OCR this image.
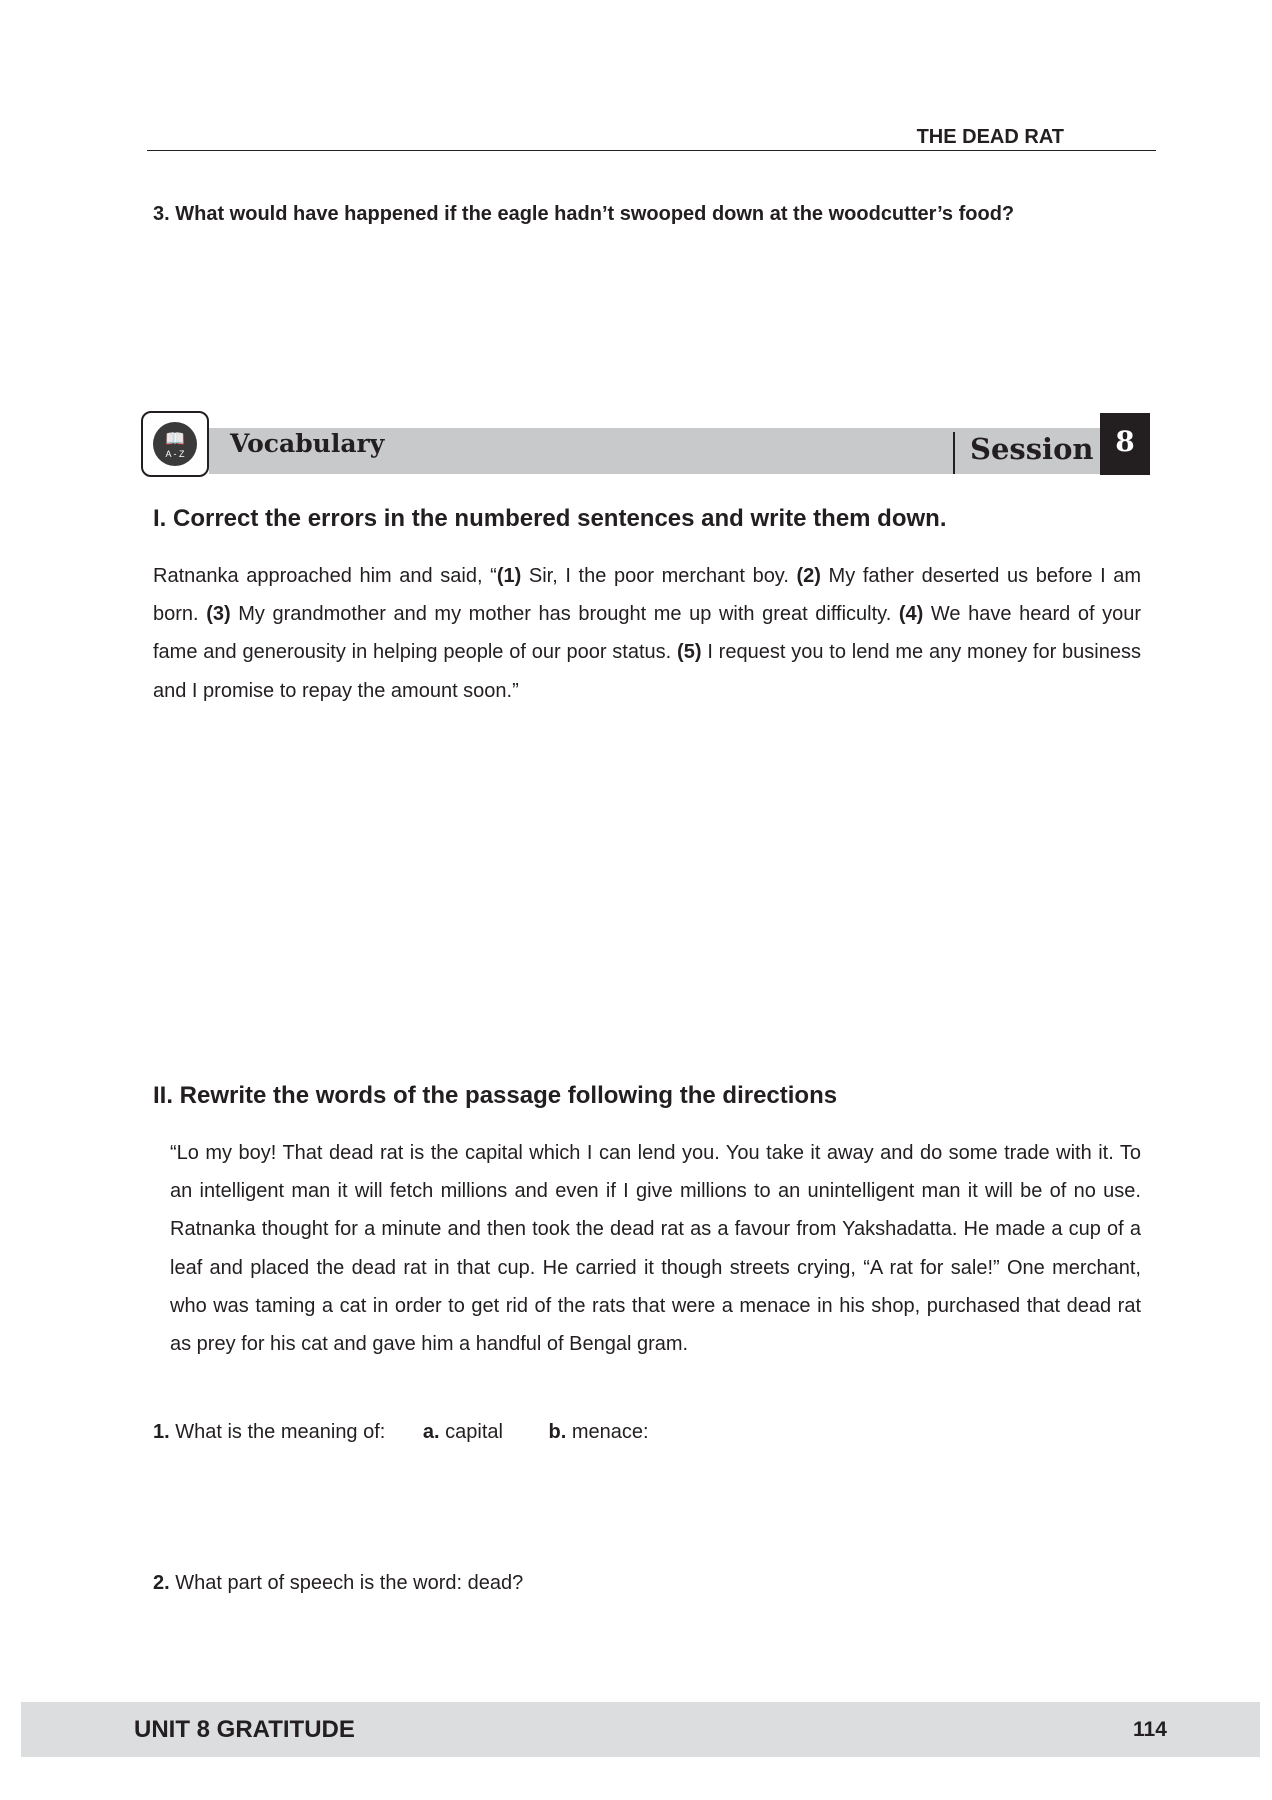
THE DEAD RAT
3. What would have happened if the eagle hadn’t swooped down at the woodcutter’s food?
📖
A - Z Vocabulary	Session 8
I. Correct the errors in the numbered sentences and write them down.
Ratnanka approached him and said, “(1) Sir, I the poor merchant boy. (2) My father deserted us before I am born. (3) My grandmother and my mother has brought me up with great difficulty. (4) We have heard of your fame and generousity in helping people of our poor status. (5) I request you to lend me any money for business and I promise to repay the amount soon.”
II. Rewrite the words of the passage following the directions
“Lo my boy! That dead rat is the capital which I can lend you. You take it away and do some trade with it. To an intelligent man it will fetch millions and even if I give millions to an unintelligent man it will be of no use. Ratnanka thought for a minute and then took the dead rat as a favour from Yakshadatta. He made a cup of a leaf and placed the dead rat in that cup. He carried it though streets crying, “A rat for sale!” One merchant, who was taming a cat in order to get rid of the rats that were a menace in his shop, purchased that dead rat as prey for his cat and gave him a handful of Bengal gram.
1. What is the meaning of: a. capital b. menace:
2. What part of speech is the word: dead?
UNIT 8 GRATITUDE	114
